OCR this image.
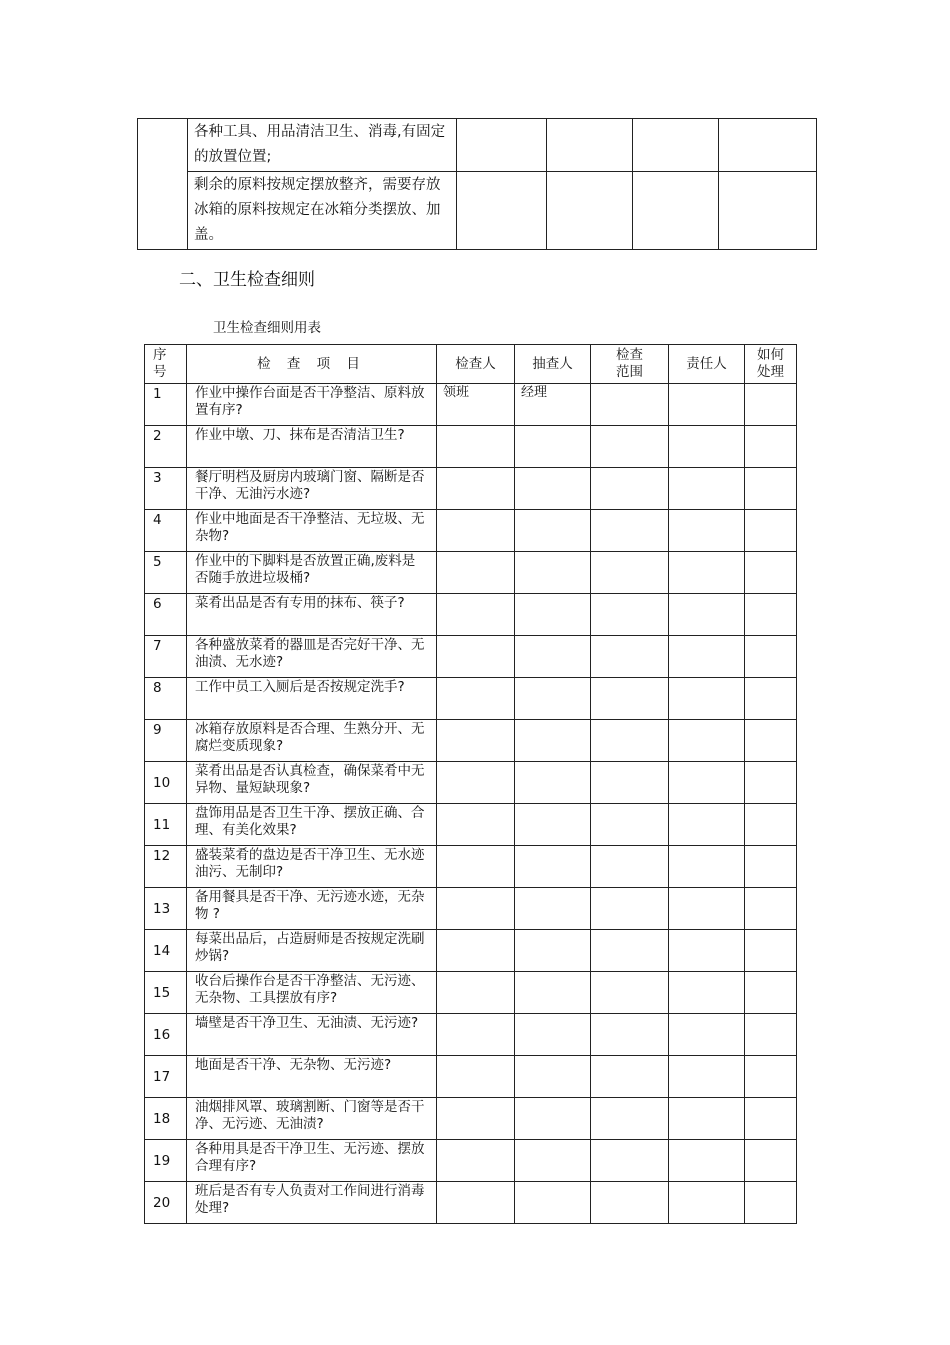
	各种工具、用品清洁卫生、消毒,有固定的放置位置;				
	剩余的原料按规定摆放整齐，需要存放冰箱的原料按规定在冰箱分类摆放、加盖。				
二、卫生检查细则
卫生检查细则用表
序号	检 查 项 目	检查人	抽查人	检查范围	责任人	如何处理

1	作业中操作台面是否干净整洁、原料放置有序?	领班	经理			
2	作业中墩、刀、抹布是否清洁卫生?					
3	餐厅明档及厨房内玻璃门窗、隔断是否干净、无油污水迹?					
4	作业中地面是否干净整洁、无垃圾、无杂物?					
5	作业中的下脚料是否放置正确,废料是否随手放进垃圾桶?					
6	菜肴出品是否有专用的抹布、筷子?					
7	各种盛放菜肴的器皿是否完好干净、无油渍、无水迹?					
8	工作中员工入厕后是否按规定洗手?					
9	冰箱存放原料是否合理、生熟分开、无腐烂变质现象?					
10	菜肴出品是否认真检查，确保菜肴中无异物、量短缺现象?					
11	盘饰用品是否卫生干净、摆放正确、合理、有美化效果?					
12	盛装菜肴的盘边是否干净卫生、无水迹油污、无制印?					
13	备用餐具是否干净、无污迹水迹，无杂物 ?					
14	每菜出品后，占造厨师是否按规定洗刷炒锅?					
15	收台后操作台是否干净整洁、无污迹、无杂物、工具摆放有序?					
16	墙壁是否干净卫生、无油渍、无污迹?					
17	地面是否干净、无杂物、无污迹?					
18	油烟排风罩、玻璃割断、门窗等是否干净、无污迹、无油渍?					
19	各种用具是否干净卫生、无污迹、摆放合理有序?					
20	班后是否有专人负责对工作间进行消毒处理?					
